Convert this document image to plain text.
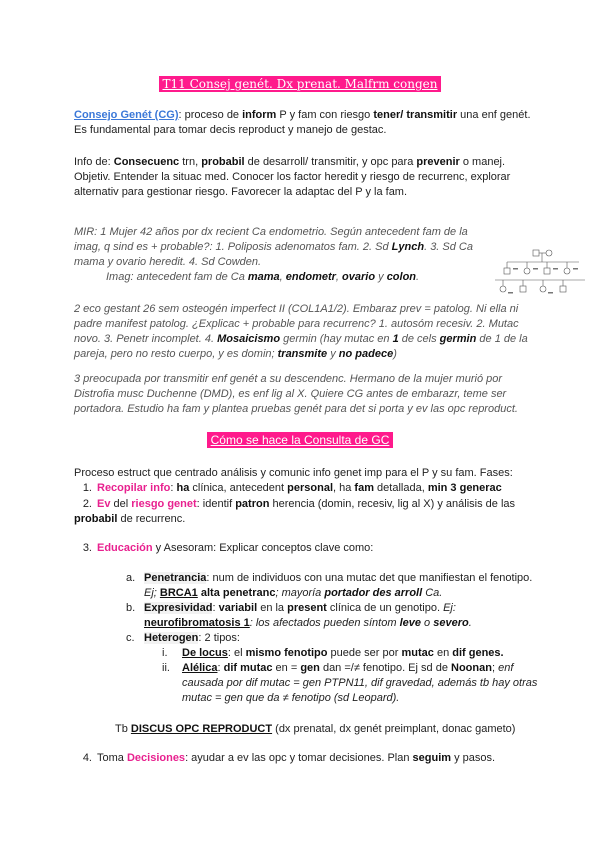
T11 Consej genét. Dx prenat. Malfrm congen
Consejo Genét (CG): proceso de inform P y fam con riesgo tener/ transmitir una enf genét. Es fundamental para tomar decis reproduct y manejo de gestac.
Info de: Consecuenc trn, probabil de desarroll/ transmitir, y opc para prevenir o manej.
Objetiv. Entender la situac med. Conocer los factor heredit y riesgo de recurrenc, explorar alternativ para gestionar riesgo. Favorecer la adaptac del P y la fam.
MIR: 1 Mujer 42 años por dx recient Ca endometrio. Según antecedent fam de la imag, q sind es + probable?: 1. Poliposis adenomatos fam. 2. Sd Lynch. 3. Sd Ca mama y ovario heredit. 4. Sd Cowden.
Imag: antecedent fam de Ca mama, endometr, ovario y colon.
2 eco gestant 26 sem osteogén imperfect II (COL1A1/2). Embaraz prev = patolog. Ni ella ni padre manifest patolog. ¿Explicac + probable para recurrenc? 1. autosóm recesiv. 2. Mutac novo. 3. Penetr incomplet. 4. Mosaicismo germin (hay mutac en 1 de cels germin de 1 de la pareja, pero no resto cuerpo, y es domin; transmite y no padece)
3 preocupada por transmitir enf genét a su descendenc. Hermano de la mujer murió por Distrofia musc Duchenne (DMD), es enf lig al X. Quiere CG antes de embarazr, teme ser portadora. Estudio ha fam y plantea pruebas genét para det si porta y ev las opc reproduct.
Cómo se hace la Consulta de GC
Proceso estruct que centrado análisis y comunic info genet imp para el P y su fam. Fases:
1. Recopilar info: ha clínica, antecedent personal, ha fam detallada, min 3 generac
2. Ev del riesgo genet: identif patron herencia (domin, recesiv, lig al X) y análisis de las probabil de recurrenc.
3. Educación y Asesoram: Explicar conceptos clave como:
a. Penetrancia: num de individuos con una mutac det que manifiestan el fenotipo. Ej; BRCA1 alta penetranc; mayoría portador des arroll Ca.
b. Expresividad: variabil en la present clínica de un genotipo. Ej: neurofibromatosis 1: los afectados pueden síntom leve o severo.
c. Heterogen: 2 tipos:
i. De locus: el mismo fenotipo puede ser por mutac en dif genes.
ii. Alélica: dif mutac en = gen dan =/≠ fenotipo. Ej sd de Noonan; enf causada por dif mutac = gen PTPN11, dif gravedad, además tb hay otras mutac = gen que da ≠ fenotipo (sd Leopard).
Tb DISCUS OPC REPRODUCT (dx prenatal, dx genét preimplant, donac gameto)
4. Toma Decisiones: ayudar a ev las opc y tomar decisiones. Plan seguim y pasos.
